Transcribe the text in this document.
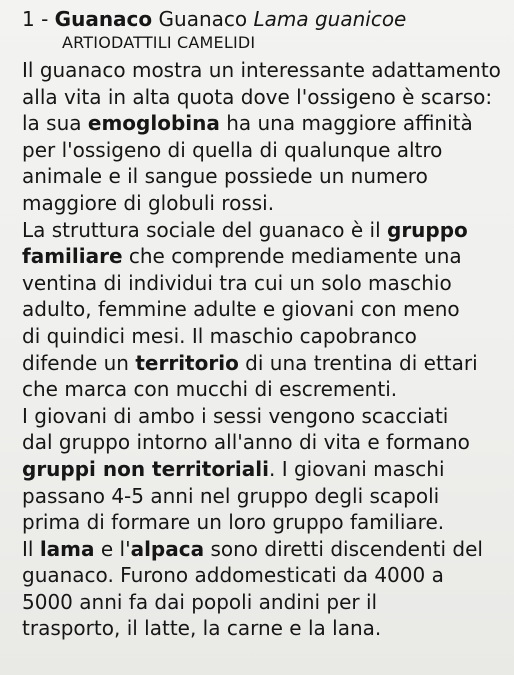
1 - Guanaco Guanaco Lama guanicoe
ARTIODATTILI CAMELIDI

Il guanaco mostra un interessante adattamento
alla vita in alta quota dove l'ossigeno è scarso:
la sua emoglobina ha una maggiore affinità
per l'ossigeno di quella di qualunque altro
animale e il sangue possiede un numero
maggiore di globuli rossi.

La struttura sociale del guanaco è il gruppo
familiare che comprende mediamente una
ventina di individui tra cui un solo maschio
adulto, femmine adulte e giovani con meno
di quindici mesi. Il maschio capobranco
difende un territorio di una trentina di ettari
che marca con mucchi di escrementi.

I giovani di ambo i sessi vengono scacciati
dal gruppo intorno all'anno di vita e formano
gruppi non territoriali. I giovani maschi
passano 4-5 anni nel gruppo degli scapoli
prima di formare un loro gruppo familiare.

Il lama e l'alpaca sono diretti discendenti del
guanaco. Furono addomesticati da 4000 a
5000 anni fa dai popoli andini per il
trasporto, il latte, la carne e la lana.
